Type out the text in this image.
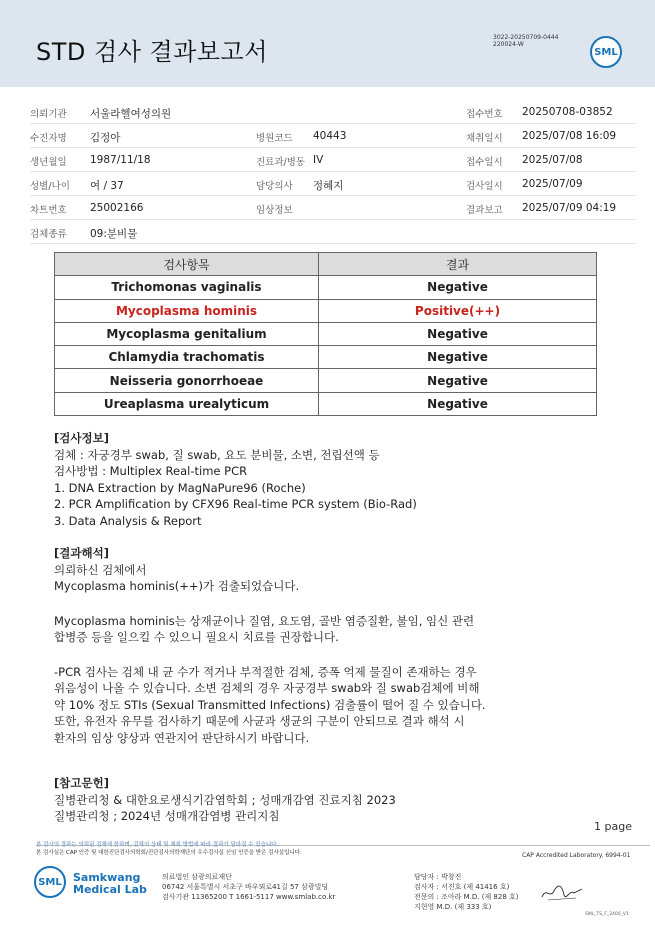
STD 검사 결과보고서
3022-20250709-0444
220024-W
SML
의뢰기관 서울라헬여성의원	접수번호 20250708-03852
수진자명 김정아	병원코드 40443	채취일시 2025/07/08 16:09
생년월일 1987/11/18	진료과/병동 IV	접수일시 2025/07/08
성별/나이 여 / 37	담당의사 정혜지	검사일시 2025/07/09
차트번호 25002166	임상정보	결과보고 2025/07/09 04:19
검체종류 09:분비물
검사항목	결과
Trichomonas vaginalis	Negative
Mycoplasma hominis	Positive(++)
Mycoplasma genitalium	Negative
Chlamydia trachomatis	Negative
Neisseria gonorrhoeae	Negative
Ureaplasma urealyticum	Negative

[검사정보]

검체 : 자궁경부 swab, 질 swab, 요도 분비물, 소변, 전립선액 등

검사방법 : Multiplex Real-time PCR

1. DNA Extraction by MagNaPure96 (Roche)

2. PCR Amplification by CFX96 Real-time PCR system (Bio-Rad)

3. Data Analysis & Report

[결과해석]

의뢰하신 검체에서

Mycoplasma hominis(++)가 검출되었습니다.

Mycoplasma hominis는 상재균이나 질염, 요도염, 골반 염증질환, 불임, 임신 관련

합병증 등을 일으킬 수 있으니 필요시 치료를 권장합니다.

-PCR 검사는 검체 내 균 수가 적거나 부적절한 검체, 증폭 억제 물질이 존재하는 경우

위음성이 나올 수 있습니다. 소변 검체의 경우 자궁경부 swab와 질 swab검체에 비해

약 10% 정도 STIs (Sexual Transmitted Infections) 검출률이 떨어 질 수 있습니다.

또한, 유전자 유무를 검사하기 때문에 사균과 생균의 구분이 안되므로 결과 해석 시

환자의 임상 양상과 연관지어 판단하시기 바랍니다.

[참고문헌]

질병관리청 & 대한요로생식기감염학회 ; 성매개감염 진료지침 2023

질병관리청 ; 2024년 성매개감염병 관리지침

1 page
본 검사의 결과는 의뢰된 검체에 한하며, 검체의 상태 및 채취 방법에 따라 결과가 달라질 수 있습니다.
본 검사실은 CAP 인증 및 대한진단검사의학회/진단검사의학재단의 우수검사실 신임 인증을 받은 검사실입니다.	CAP Accredited Laboratory. 6994-01
SML	Samkwang
Medical Lab
의료법인 삼광의료재단
06742 서울특별시 서초구 바우뫼로41길 57 삼광빌딩
검사기관 11365200 T 1661-5117 www.smlab.co.kr
담당자 : 박창진
검사자 : 서진호 (제 41416 호)
전문의 : 조아라 M.D. (제 828 호)
지현영 M.D. (제 333 호)
SML_TS_F_2400_V1
